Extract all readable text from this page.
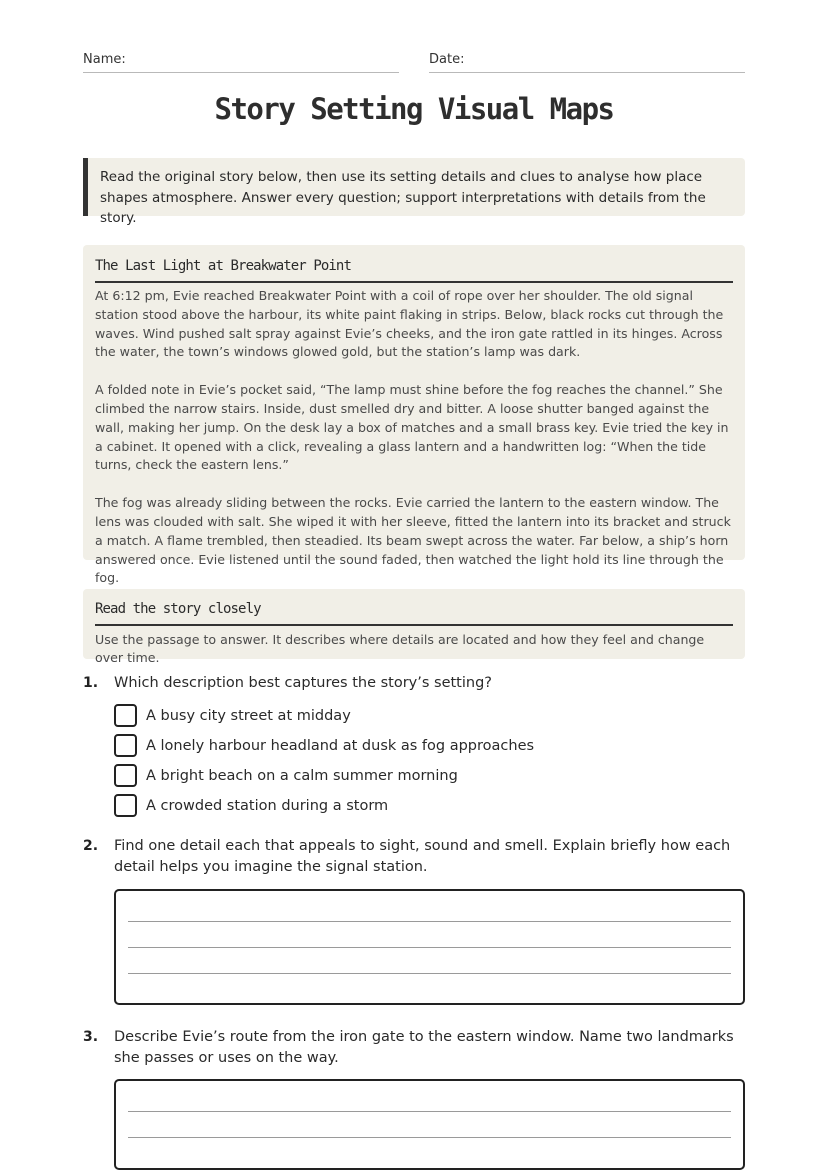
Name:	Date:
Story Setting Visual Maps

Read the original story below, then use its setting details and clues to analyse how place shapes atmosphere. Answer every question; support interpretations with details from the story.

The Last Light at Breakwater Point

At 6:12 pm, Evie reached Breakwater Point with a coil of rope over her shoulder. The old signal station stood above the harbour, its white paint flaking in strips. Below, black rocks cut through the waves. Wind pushed salt spray against Evie’s cheeks, and the iron gate rattled in its hinges. Across the water, the town’s windows glowed gold, but the station’s lamp was dark.

A folded note in Evie’s pocket said, “The lamp must shine before the fog reaches the channel.” She climbed the narrow stairs. Inside, dust smelled dry and bitter. A loose shutter banged against the wall, making her jump. On the desk lay a box of matches and a small brass key. Evie tried the key in a cabinet. It opened with a click, revealing a glass lantern and a handwritten log: “When the tide turns, check the eastern lens.”

The fog was already sliding between the rocks. Evie carried the lantern to the eastern window. The lens was clouded with salt. She wiped it with her sleeve, fitted the lantern into its bracket and struck a match. A flame trembled, then steadied. Its beam swept across the water. Far below, a ship’s horn answered once. Evie listened until the sound faded, then watched the light hold its line through the fog.

Read the story closely

Use the passage to answer. It describes where details are located and how they feel and change over time.

1. Which description best captures the story’s setting?
A busy city street at midday
A lonely harbour headland at dusk as fog approaches
A bright beach on a calm summer morning
A crowded station during a storm
2. Find one detail each that appeals to sight, sound and smell. Explain briefly how each detail helps you imagine the signal station.
3. Describe Evie’s route from the iron gate to the eastern window. Name two landmarks she passes or uses on the way.
